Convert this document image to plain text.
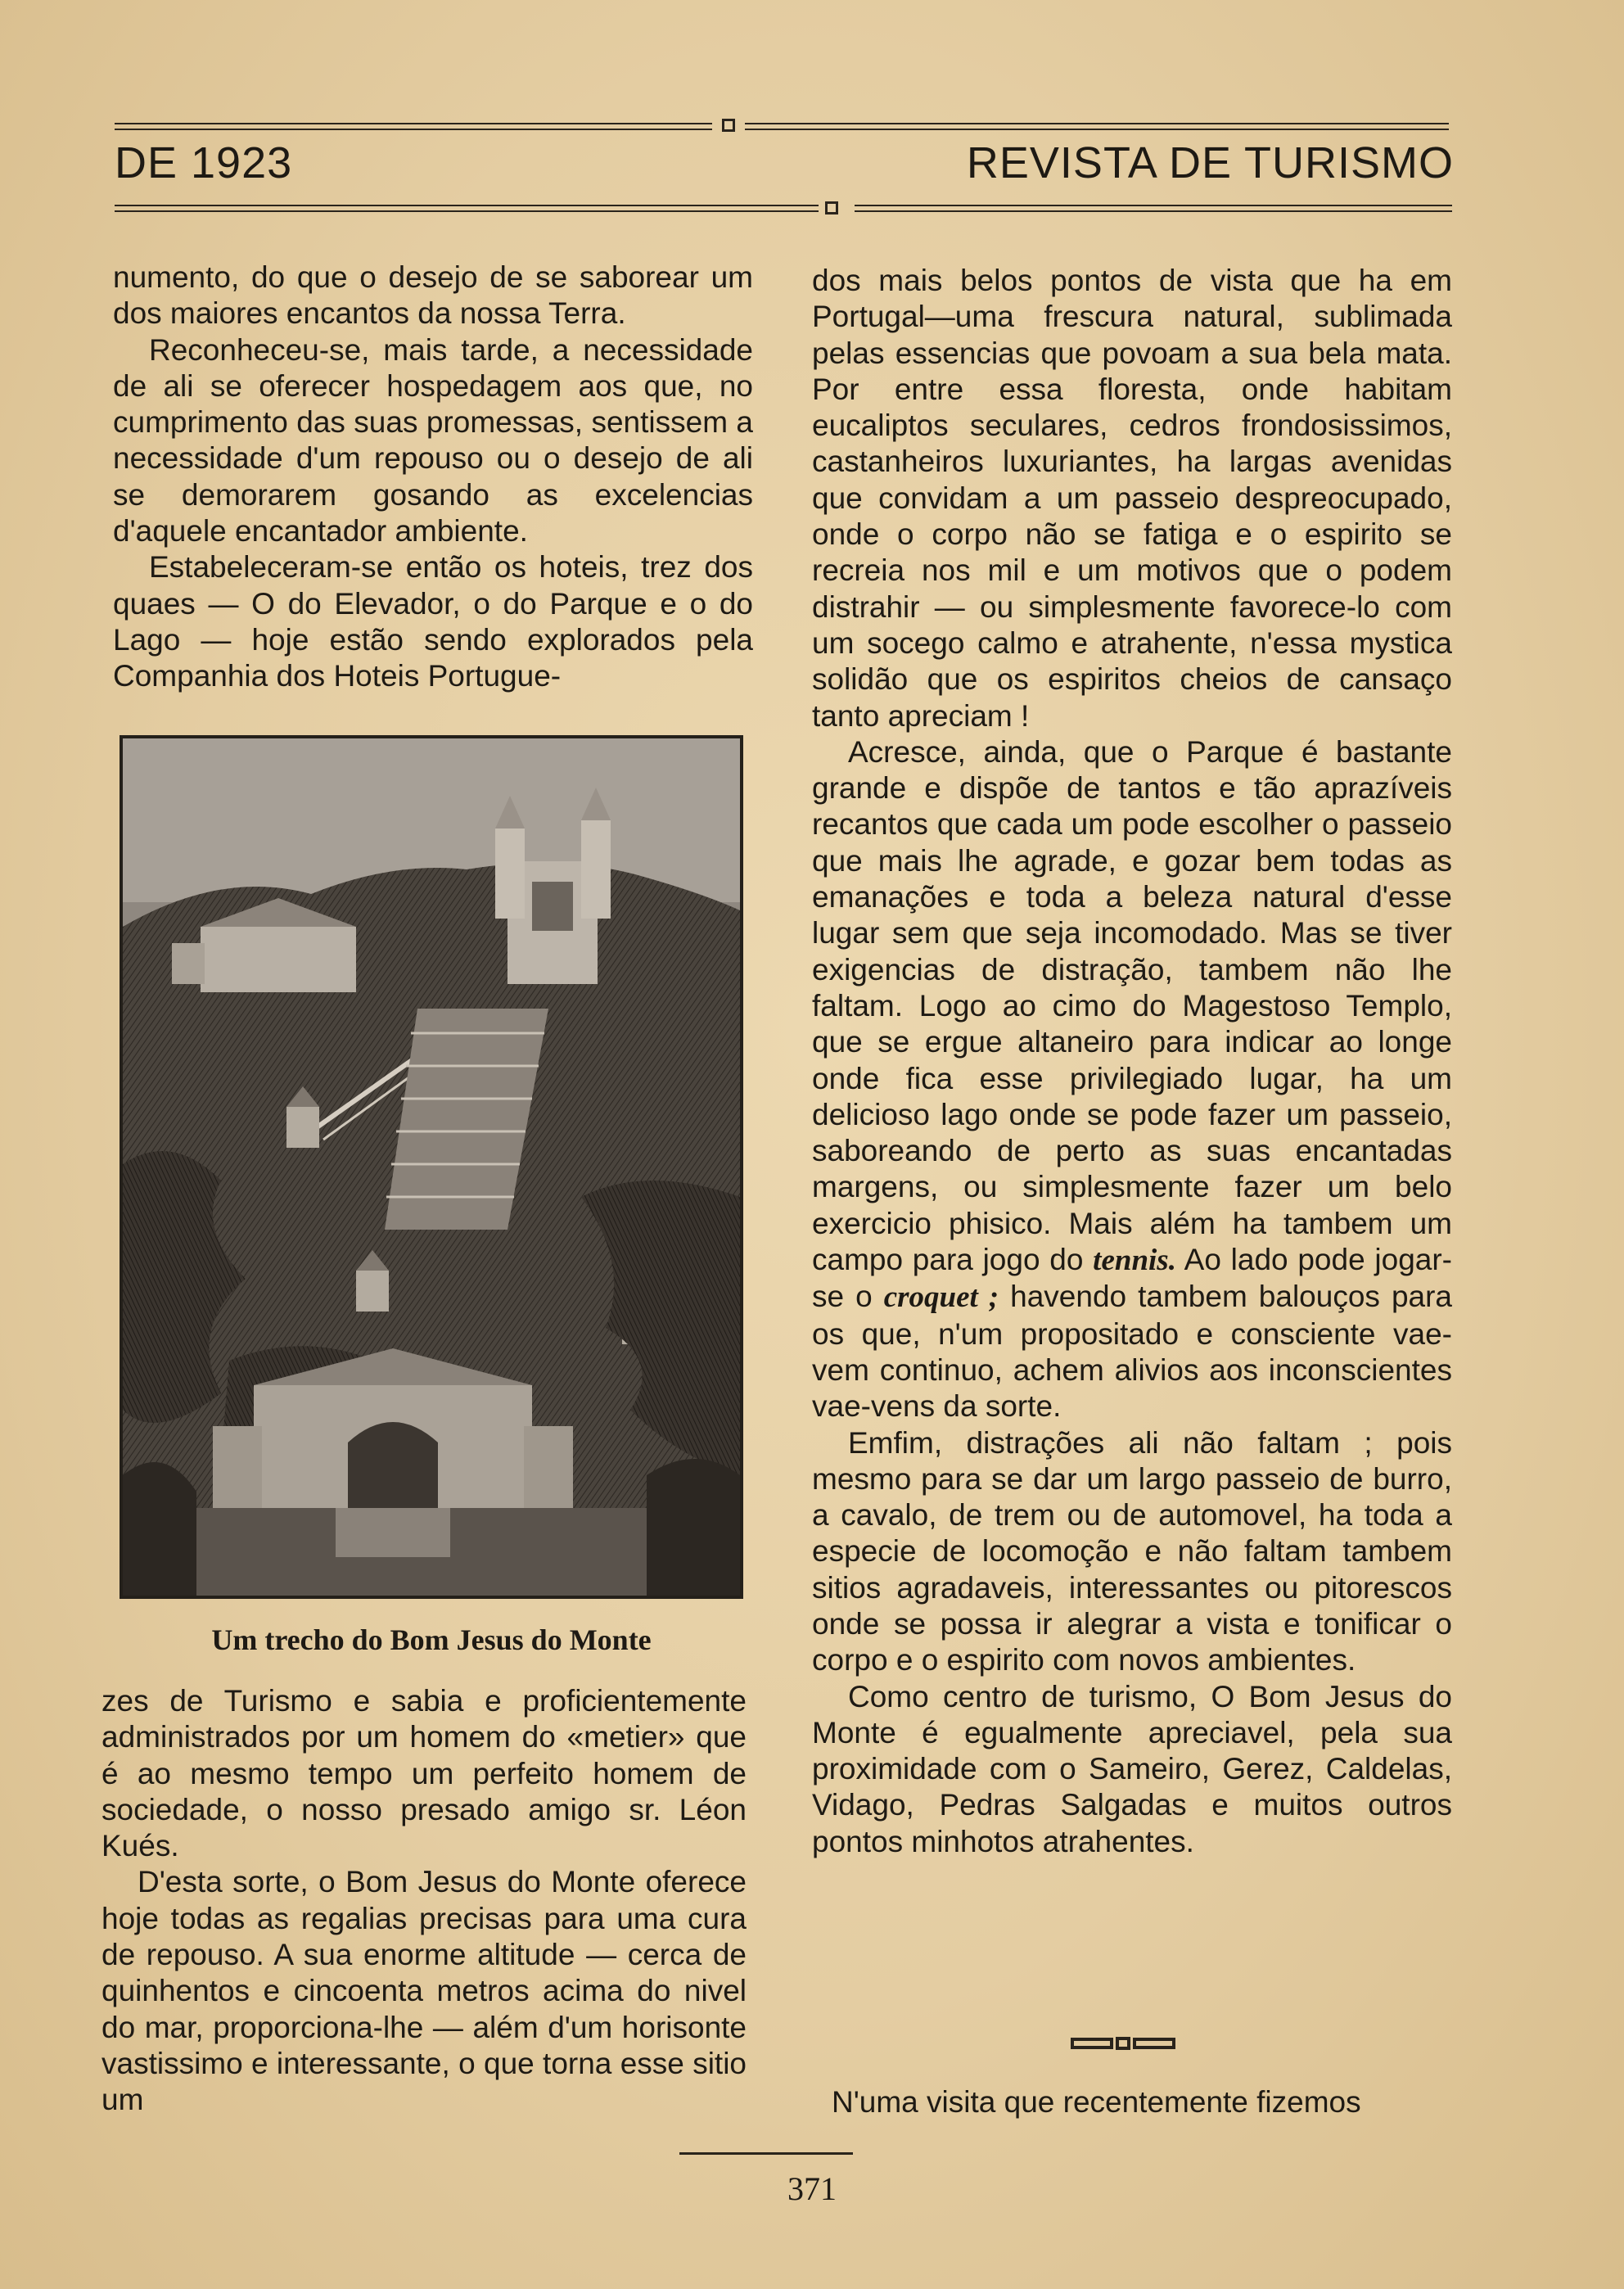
DE 1923	REVISTA DE TURISMO

numento, do que o desejo de se saborear um dos maiores encantos da nossa Terra.

Reconheceu-se, mais tarde, a necessidade de ali se oferecer hospedagem aos que, no cumprimento das suas promessas, sentissem a necessidade d'um repouso ou o desejo de ali se demorarem gosando as excelencias d'aquele encantador ambiente.

Estabeleceram-se então os hoteis, trez dos quaes — O do Elevador, o do Parque e o do Lago — hoje estão sendo explorados pela Companhia dos Hoteis Portugue-

Um trecho do Bom Jesus do Monte

zes de Turismo e sabia e proficientemente administrados por um homem do «metier» que é ao mesmo tempo um perfeito homem de sociedade, o nosso presado amigo sr. Léon Kués.

D'esta sorte, o Bom Jesus do Monte oferece hoje todas as regalias precisas para uma cura de repouso. A sua enorme altitude — cerca de quinhentos e cincoenta metros acima do nivel do mar, proporciona-lhe — além d'um horisonte vastissimo e interessante, o que torna esse sitio um

dos mais belos pontos de vista que ha em Portugal—uma frescura natural, sublimada pelas essencias que povoam a sua bela mata. Por entre essa floresta, onde habitam eucaliptos seculares, cedros frondosissimos, castanheiros luxuriantes, ha largas avenidas que convidam a um passeio despreocupado, onde o corpo não se fatiga e o espirito se recreia nos mil e um motivos que o podem distrahir — ou simplesmente favorece-lo com um socego calmo e atrahente, n'essa mystica solidão que os espiritos cheios de cansaço tanto apreciam !

Acresce, ainda, que o Parque é bastante grande e dispõe de tantos e tão aprazíveis recantos que cada um pode escolher o passeio que mais lhe agrade, e gozar bem todas as emanações e toda a beleza natural d'esse lugar sem que seja incomodado. Mas se tiver exigencias de distração, tambem não lhe faltam. Logo ao cimo do Magestoso Templo, que se ergue altaneiro para indicar ao longe onde fica esse privilegiado lugar, ha um delicioso lago onde se pode fazer um passeio, saboreando de perto as suas encantadas margens, ou simplesmente fazer um belo exercicio phisico. Mais além ha tambem um campo para jogo do tennis. Ao lado pode jogar-se o croquet ; havendo tambem balouços para os que, n'um propositado e consciente vae-vem continuo, achem alivios aos inconscientes vae-vens da sorte.

Emfim, distrações ali não faltam ; pois mesmo para se dar um largo passeio de burro, a cavalo, de trem ou de automovel, ha toda a especie de locomoção e não faltam tambem sitios agradaveis, interessantes ou pitorescos onde se possa ir alegrar a vista e tonificar o corpo e o espirito com novos ambientes.

Como centro de turismo, O Bom Jesus do Monte é egualmente apreciavel, pela sua proximidade com o Sameiro, Gerez, Caldelas, Vidago, Pedras Salgadas e muitos outros pontos minhotos atrahentes.

N'uma visita que recentemente fizemos

371
